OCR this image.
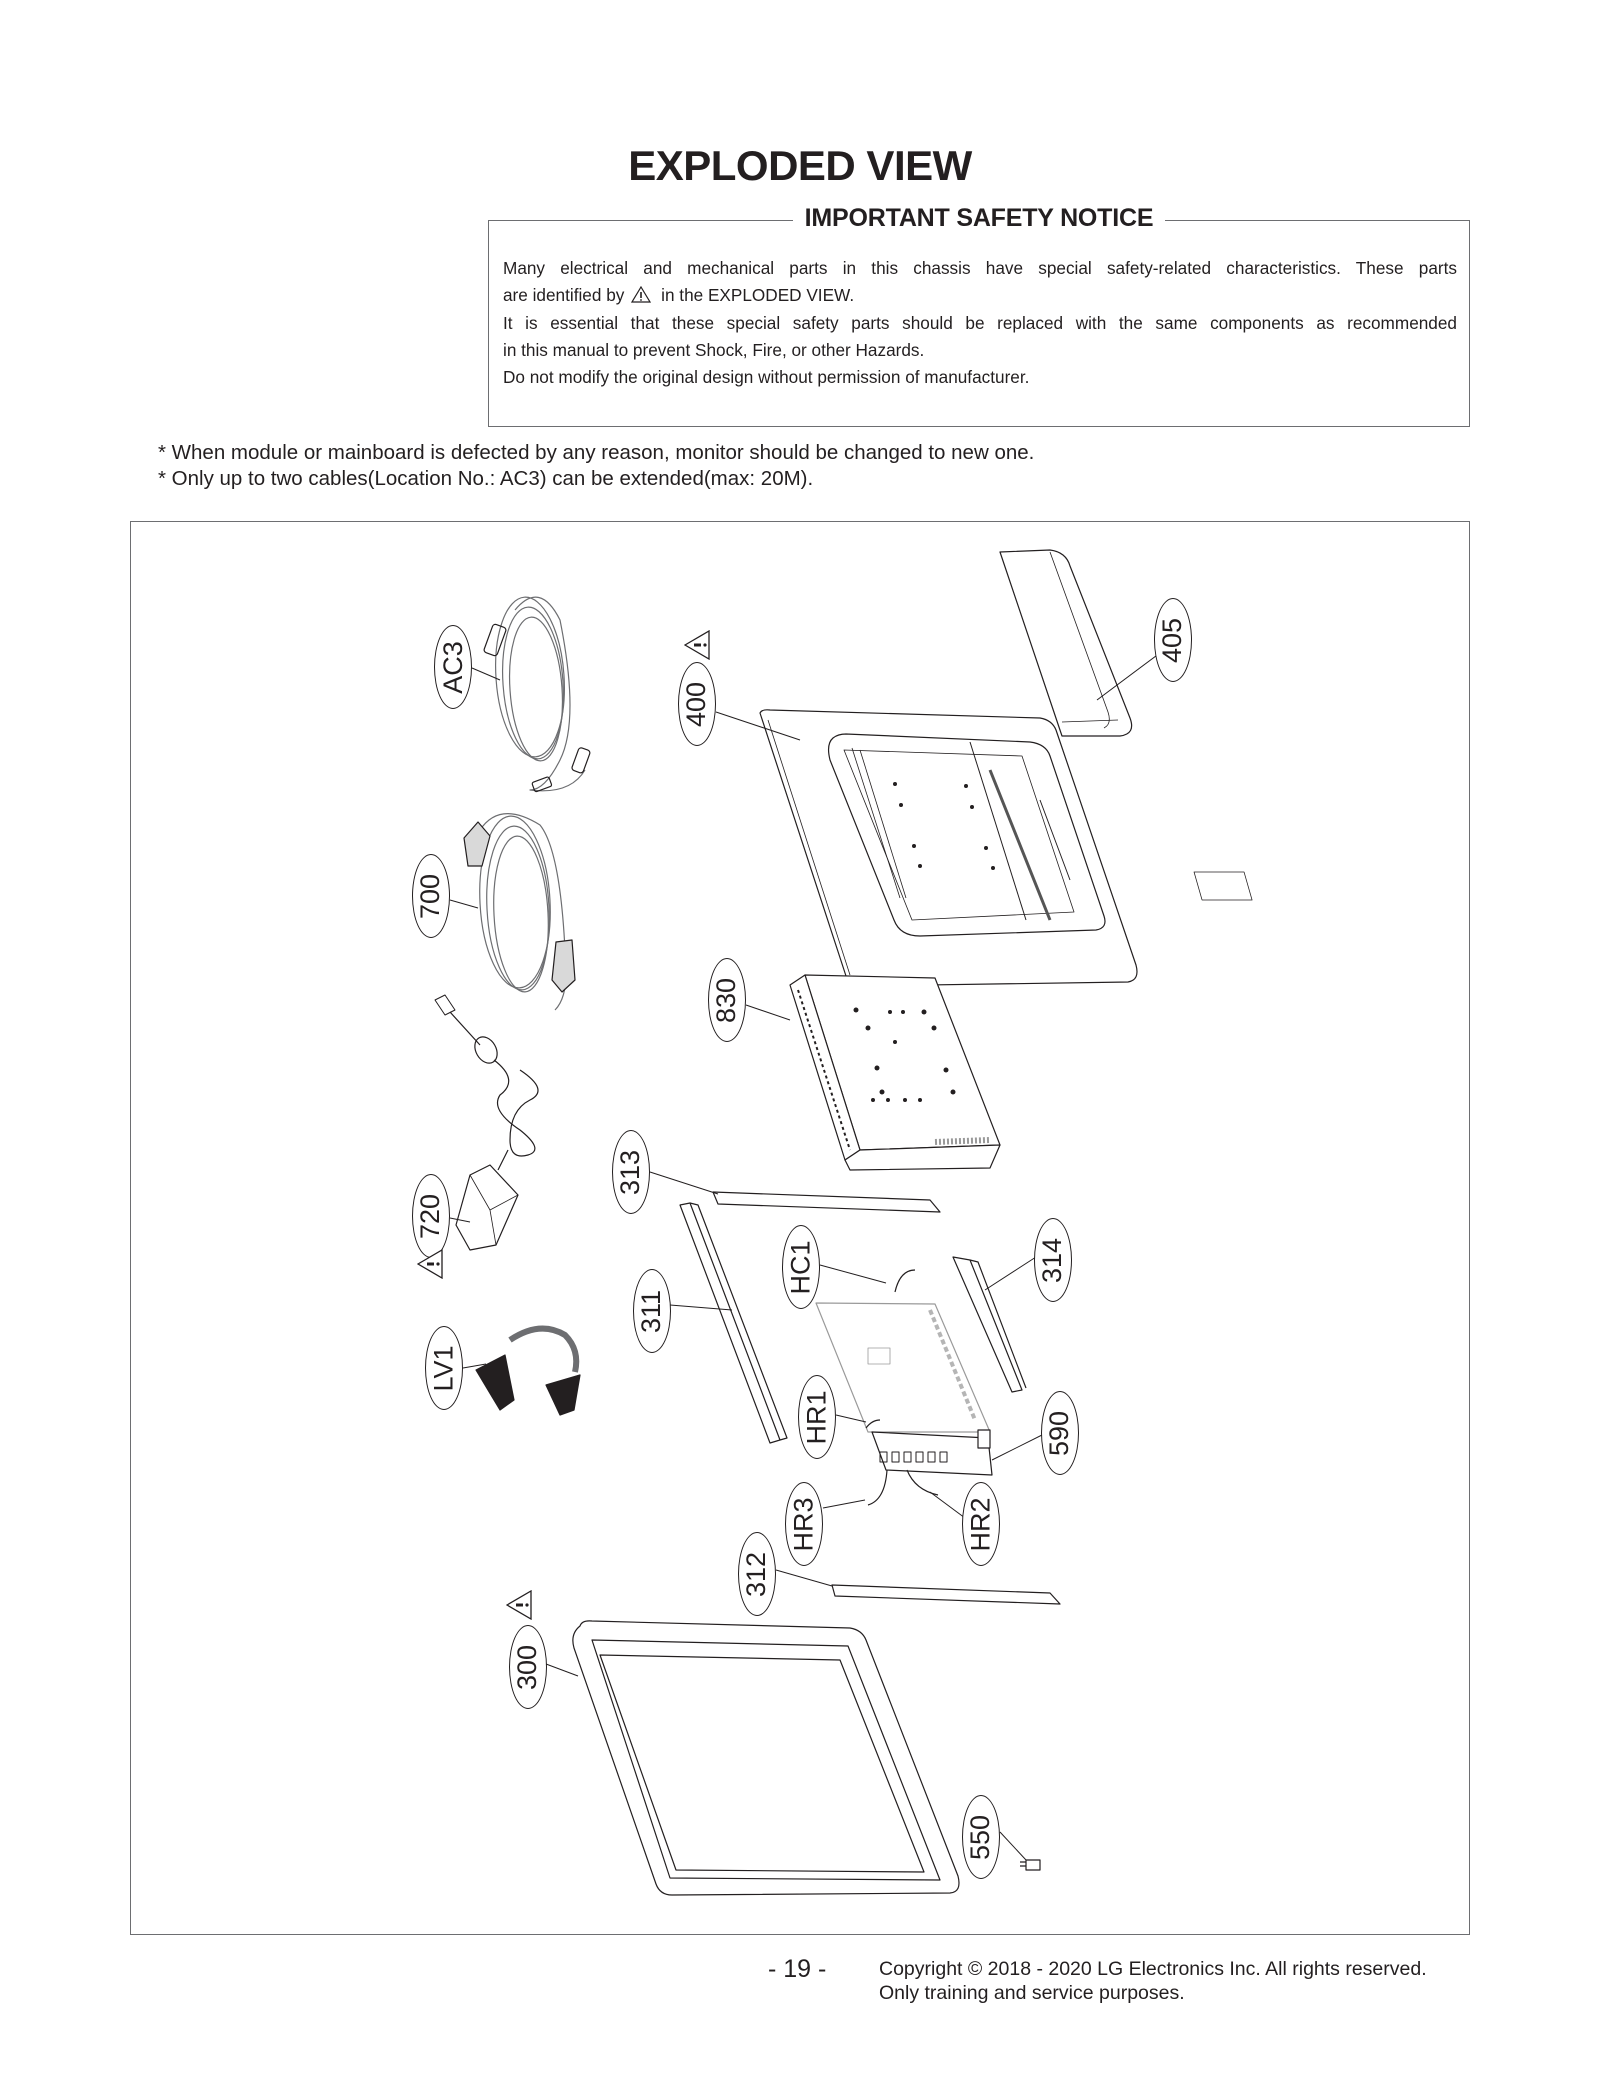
EXPLODED VIEW
IMPORTANT SAFETY NOTICE

Many electrical and mechanical parts in this chassis have special safety-related characteristics. These parts

are identified by in the EXPLODED VIEW.

It is essential that these special safety parts should be replaced with the same components as recommended

in this manual to prevent Shock, Fire, or other Hazards.

Do not modify the original design without permission of manufacturer.

* When module or mainboard is defected by any reason, monitor should be changed to new one.
* Only up to two cables(Location No.: AC3) can be extended(max: 20M).
AC3
400
405
700
830
313
720
HC1	314
311
LV1
HR1	590
HR3	HR2
312
300
550
- 19 -	Copyright © 2018 - 2020 LG Electronics Inc. All rights reserved.
Only training and service purposes.
